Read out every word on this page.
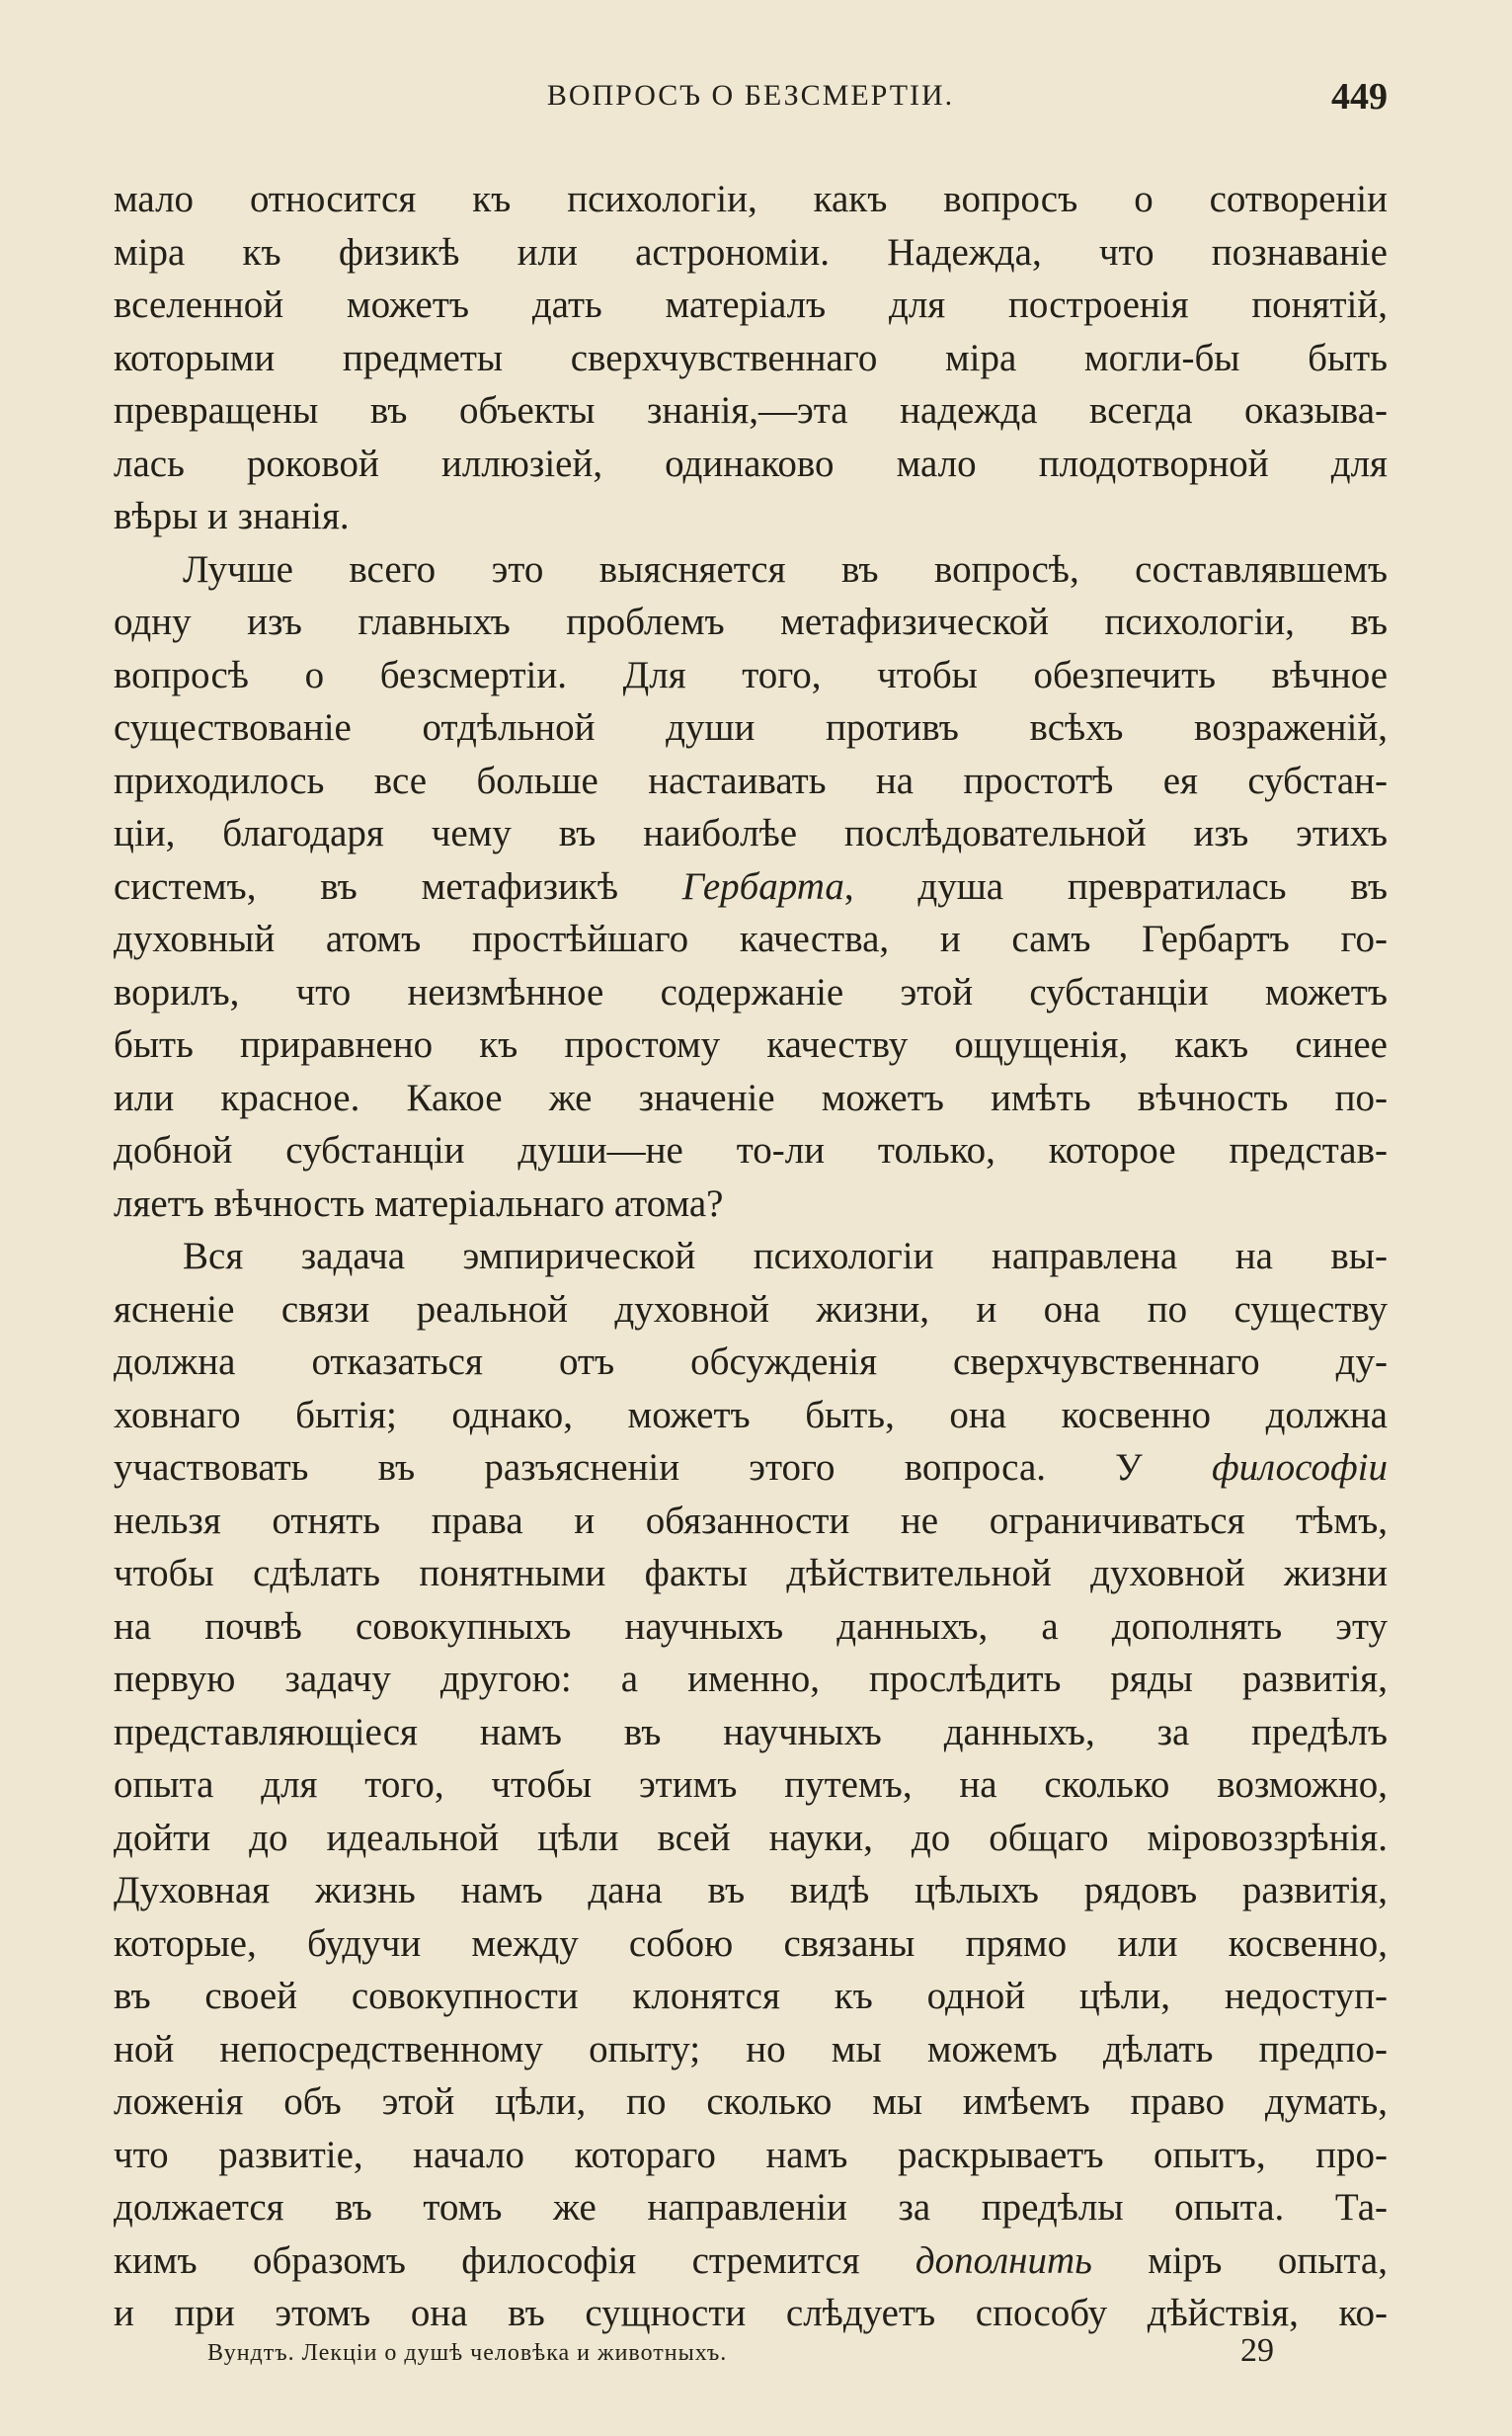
ВОПРОСЪ О БЕЗСМЕРТІИ.	449
мало относится къ психологіи, какъ вопросъ о сотвореніи
міра къ физикѣ или астрономіи. Надежда, что познаваніе
вселенной можетъ дать матеріалъ для построенія понятій,
которыми предметы сверхчувственнаго міра могли-бы быть
превращены въ объекты знанія,—эта надежда всегда оказыва-
лась роковой иллюзіей, одинаково мало плодотворной для
вѣры и знанія.
Лучше всего это выясняется въ вопросѣ, составлявшемъ
одну изъ главныхъ проблемъ метафизической психологіи, въ
вопросѣ о безсмертіи. Для того, чтобы обезпечить вѣчное
существованіе отдѣльной души противъ всѣхъ возраженій,
приходилось все больше настаивать на простотѣ ея субстан-
ціи, благодаря чему въ наиболѣе послѣдовательной изъ этихъ
системъ, въ метафизикѣ Гербарта, душа превратилась въ
духовный атомъ простѣйшаго качества, и самъ Гербартъ го-
ворилъ, что неизмѣнное содержаніе этой субстанціи можетъ
быть приравнено къ простому качеству ощущенія, какъ синее
или красное. Какое же значеніе можетъ имѣть вѣчность по-
добной субстанціи души—не то-ли только, которое представ-
ляетъ вѣчность матеріальнаго атома?
Вся задача эмпирической психологіи направлена на вы-
ясненіе связи реальной духовной жизни, и она по существу
должна отказаться отъ обсужденія сверхчувственнаго ду-
ховнаго бытія; однако, можетъ быть, она косвенно должна
участвовать въ разъясненіи этого вопроса. У философіи
нельзя отнять права и обязанности не ограничиваться тѣмъ,
чтобы сдѣлать понятными факты дѣйствительной духовной жизни
на почвѣ совокупныхъ научныхъ данныхъ, а дополнять эту
первую задачу другою: а именно, прослѣдить ряды развитія,
представляющіеся намъ въ научныхъ данныхъ, за предѣлъ
опыта для того, чтобы этимъ путемъ, на сколько возможно,
дойти до идеальной цѣли всей науки, до общаго міровоззрѣнія.
Духовная жизнь намъ дана въ видѣ цѣлыхъ рядовъ развитія,
которые, будучи между собою связаны прямо или косвенно,
въ своей совокупности клонятся къ одной цѣли, недоступ-
ной непосредственному опыту; но мы можемъ дѣлать предпо-
ложенія объ этой цѣли, по сколько мы имѣемъ право думать,
что развитіе, начало котораго намъ раскрываетъ опытъ, про-
должается въ томъ же направленіи за предѣлы опыта. Та-
кимъ образомъ философія стремится дополнить міръ опыта,
и при этомъ она въ сущности слѣдуетъ способу дѣйствія, ко-
Вундтъ. Лекціи о душѣ человѣка и животныхъ.	29
